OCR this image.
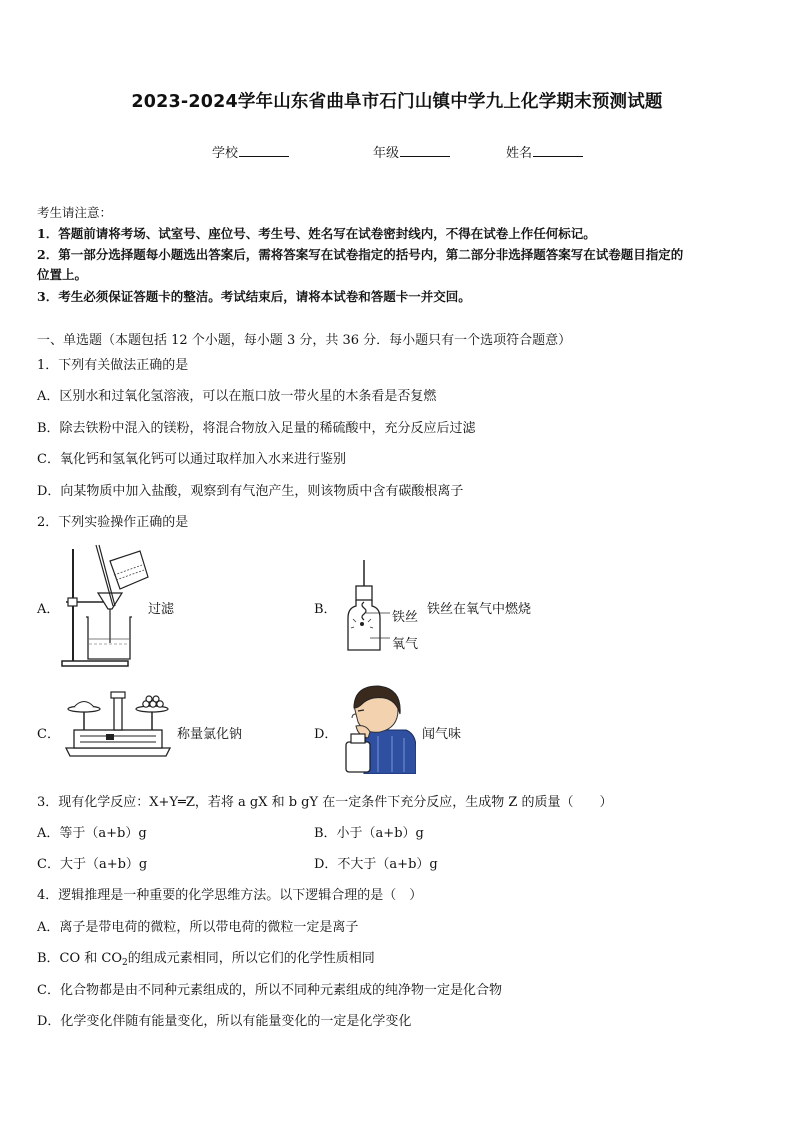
2023-2024学年山东省曲阜市石门山镇中学九上化学期末预测试题
学校	年级	姓名
考生请注意：
1．答题前请将考场、试室号、座位号、考生号、姓名写在试卷密封线内，不得在试卷上作任何标记。
2．第一部分选择题每小题选出答案后，需将答案写在试卷指定的括号内，第二部分非选择题答案写在试卷题目指定的
位置上。
3．考生必须保证答题卡的整洁。考试结束后，请将本试卷和答题卡一并交回。
一、单选题（本题包括 12 个小题，每小题 3 分，共 36 分．每小题只有一个选项符合题意）
1．下列有关做法正确的是
A．区别水和过氧化氢溶液，可以在瓶口放一带火星的木条看是否复燃
B．除去铁粉中混入的镁粉，将混合物放入足量的稀硫酸中，充分反应后过滤
C．氧化钙和氢氧化钙可以通过取样加入水来进行鉴别
D．向某物质中加入盐酸，观察到有气泡产生，则该物质中含有碳酸根离子
2．下列实验操作正确的是
A．	过滤	B．
铁丝
氧气
铁丝在氧气中燃烧
C．	称量氯化钠	D．	闻气味
3．现有化学反应：X+Y═Z，若将 a gX 和 b gY 在一定条件下充分反应，生成物 Z 的质量（　　）
A．等于（a+b）g	B．小于（a+b）g
C．大于（a+b）g	D．不大于（a+b）g
4．逻辑推理是一种重要的化学思维方法。以下逻辑合理的是（　）
A．离子是带电荷的微粒，所以带电荷的微粒一定是离子
B．CO 和 $CO_2$的组成元素相同，所以它们的化学性质相同
C．化合物都是由不同种元素组成的，所以不同种元素组成的纯净物一定是化合物
D．化学变化伴随有能量变化，所以有能量变化的一定是化学变化
